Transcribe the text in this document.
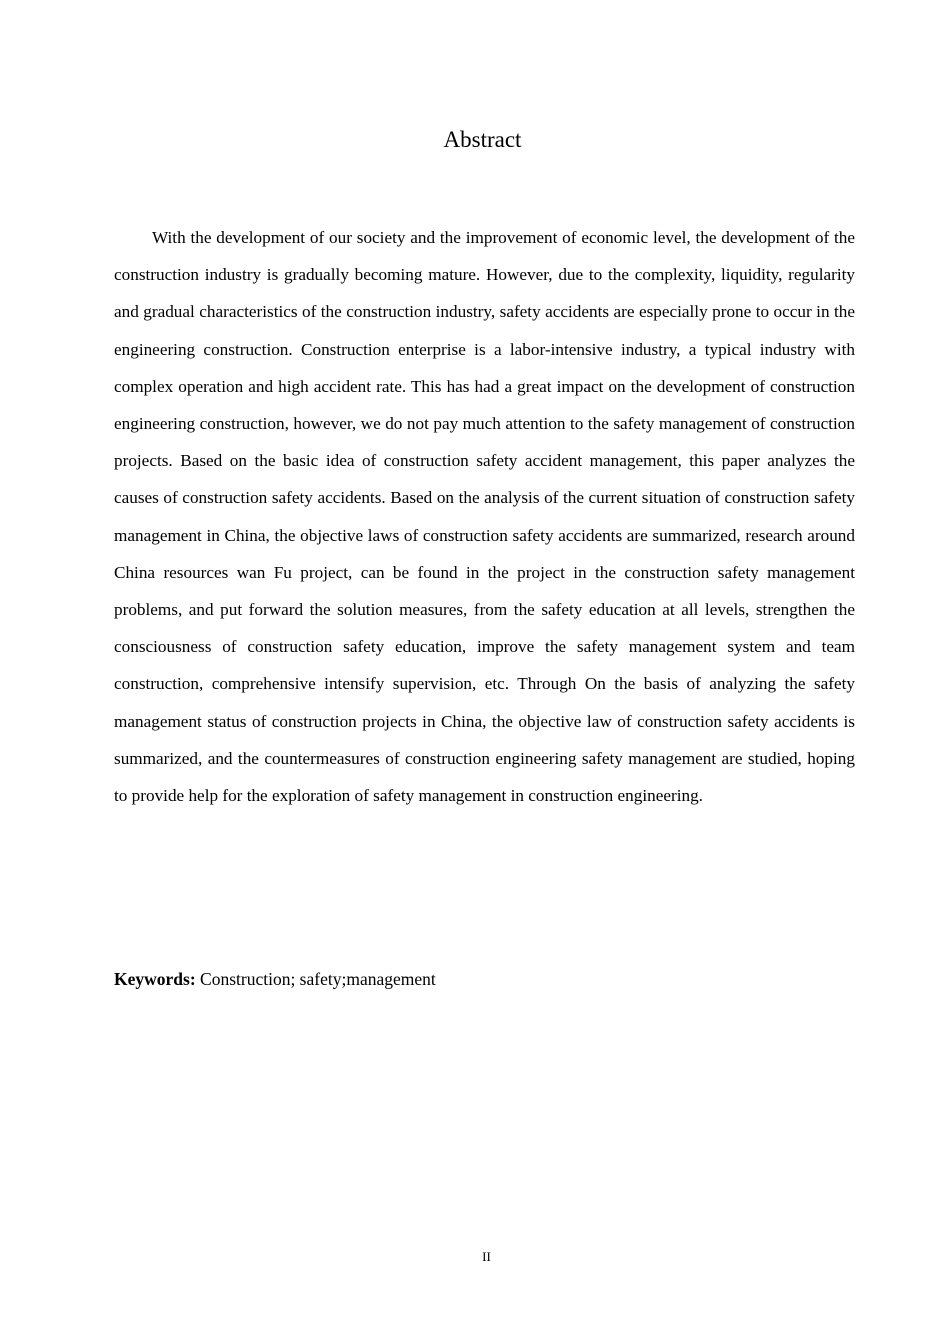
Abstract

With the development of our society and the improvement of economic level, the development of the construction industry is gradually becoming mature. However, due to the complexity, liquidity, regularity and gradual characteristics of the construction industry, safety accidents are especially prone to occur in the engineering construction. Construction enterprise is a labor-intensive industry, a typical industry with complex operation and high accident rate. This has had a great impact on the development of construction engineering construction, however, we do not pay much attention to the safety management of construction projects. Based on the basic idea of construction safety accident management, this paper analyzes the causes of construction safety accidents. Based on the analysis of the current situation of construction safety management in China, the objective laws of construction safety accidents are summarized, research around China resources wan Fu project, can be found in the project in the construction safety management problems, and put forward the solution measures, from the safety education at all levels, strengthen the consciousness of construction safety education, improve the safety management system and team construction, comprehensive intensify supervision, etc. Through On the basis of analyzing the safety management status of construction projects in China, the objective law of construction safety accidents is summarized, and the countermeasures of construction engineering safety management are studied, hoping to provide help for the exploration of safety management in construction engineering.

Keywords: Construction; safety;management
II
